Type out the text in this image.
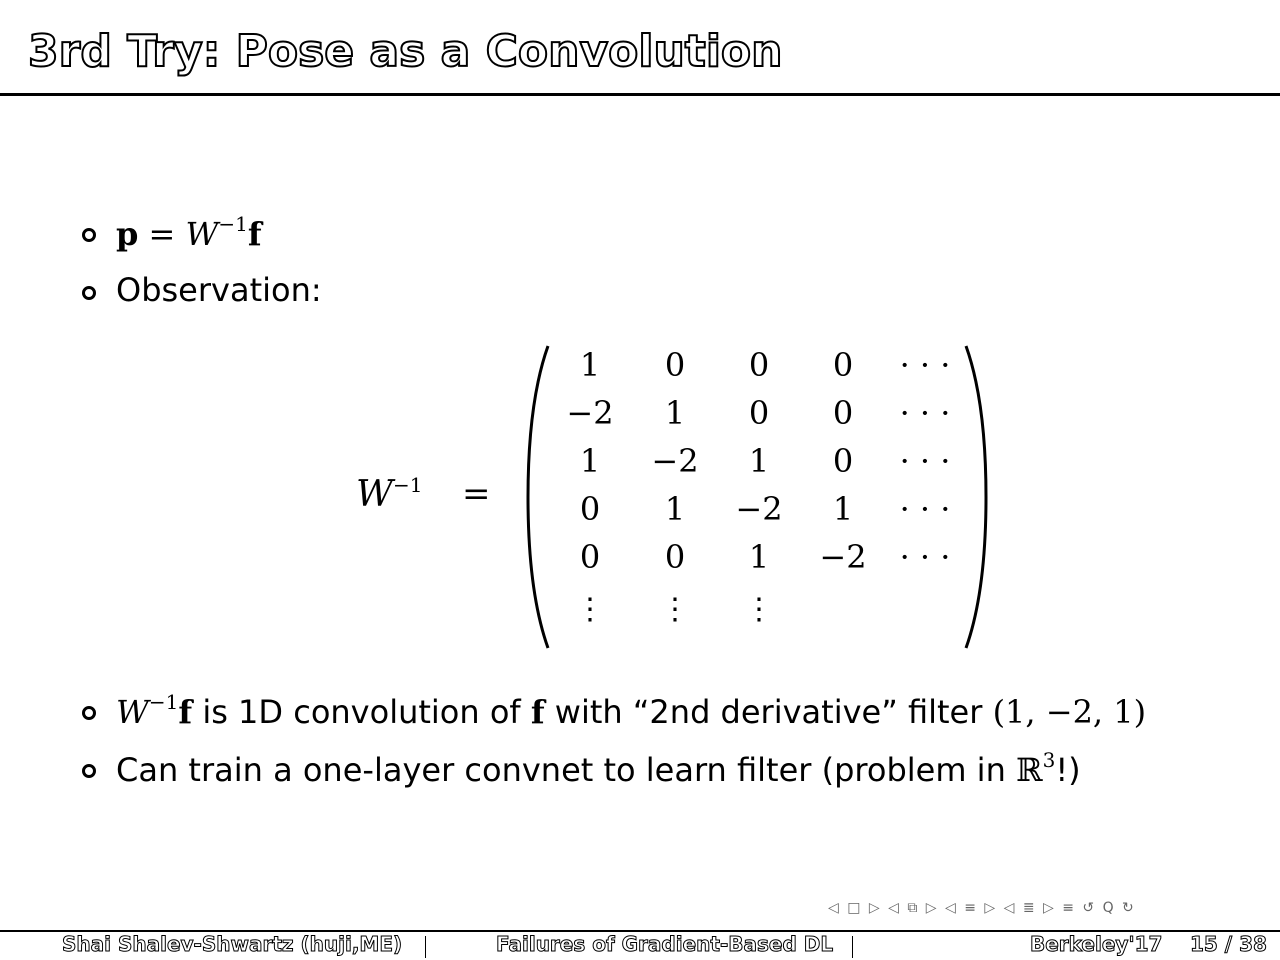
3rd Try: Pose as a Convolution
$p = W^{-1}f$
Observation:
$W^{-1}$ =
1	0	0	0	· · ·
−2	1	0	0	· · ·
1	−2	1	0	· · ·
0	1	−2	1	· · ·
0	0	1	−2	· · ·
⋮	⋮	⋮
$W^{-1}f$ is 1D convolution of f with “2nd derivative” filter (1, −2, 1)
Can train a one-layer convnet to learn filter (problem in ℝ$^3$!)
◁ □ ▷ ◁ ⧉ ▷ ◁ ≡ ▷ ◁ ≣ ▷ ≡ ↺ Q ↻
Shai Shalev-Shwartz (huji,ME)	Failures of Gradient-Based DL	Berkeley'17 15 / 38
